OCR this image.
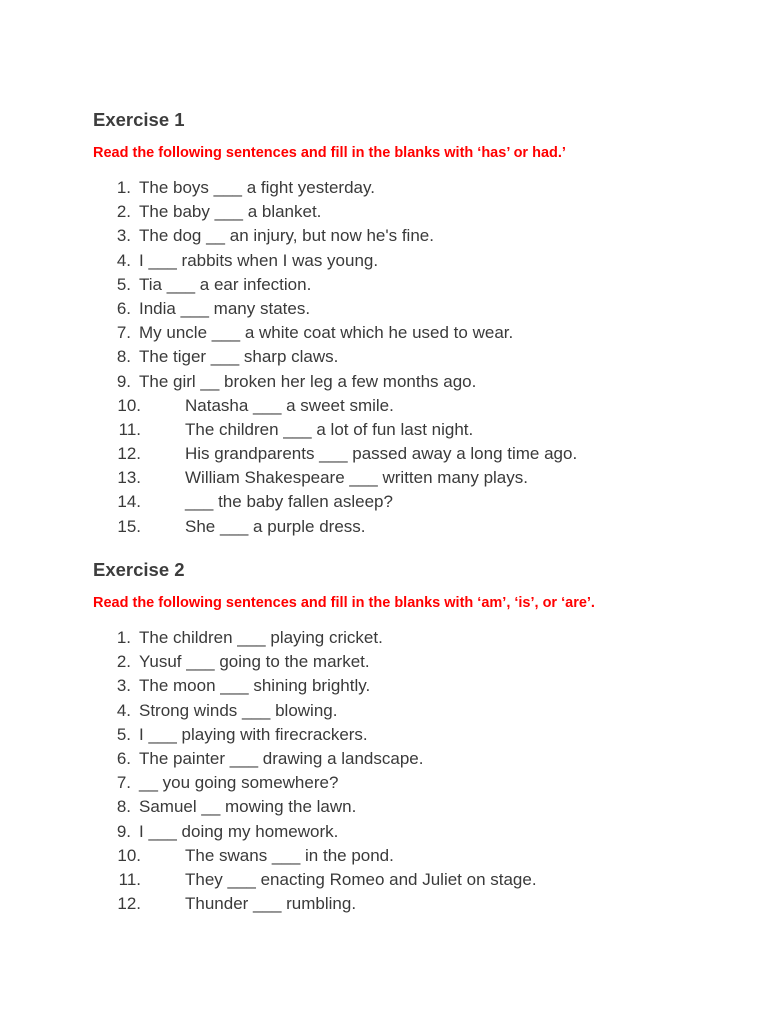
Exercise 1
Read the following sentences and fill in the blanks with ‘has’ or had.’
1. The boys ___ a fight yesterday.
2. The baby ___ a blanket.
3. The dog __ an injury, but now he's fine.
4. I ___ rabbits when I was young.
5. Tia ___ a ear infection.
6. India ___ many states.
7. My uncle ___ a white coat which he used to wear.
8. The tiger ___ sharp claws.
9. The girl __ broken her leg a few months ago.
10.	Natasha ___ a sweet smile.
11.	The children ___ a lot of fun last night.
12.	His grandparents ___ passed away a long time ago.
13.	William Shakespeare ___ written many plays.
14.	___ the baby fallen asleep?
15.	She ___ a purple dress.
Exercise 2
Read the following sentences and fill in the blanks with ‘am’, ‘is’, or ‘are’.
1. The children ___ playing cricket.
2. Yusuf ___ going to the market.
3. The moon ___ shining brightly.
4. Strong winds ___ blowing.
5. I ___ playing with firecrackers.
6. The painter ___ drawing a landscape.
7. __ you going somewhere?
8. Samuel __ mowing the lawn.
9. I ___ doing my homework.
10.	The swans ___ in the pond.
11.	They ___ enacting Romeo and Juliet on stage.
12.	Thunder ___ rumbling.
